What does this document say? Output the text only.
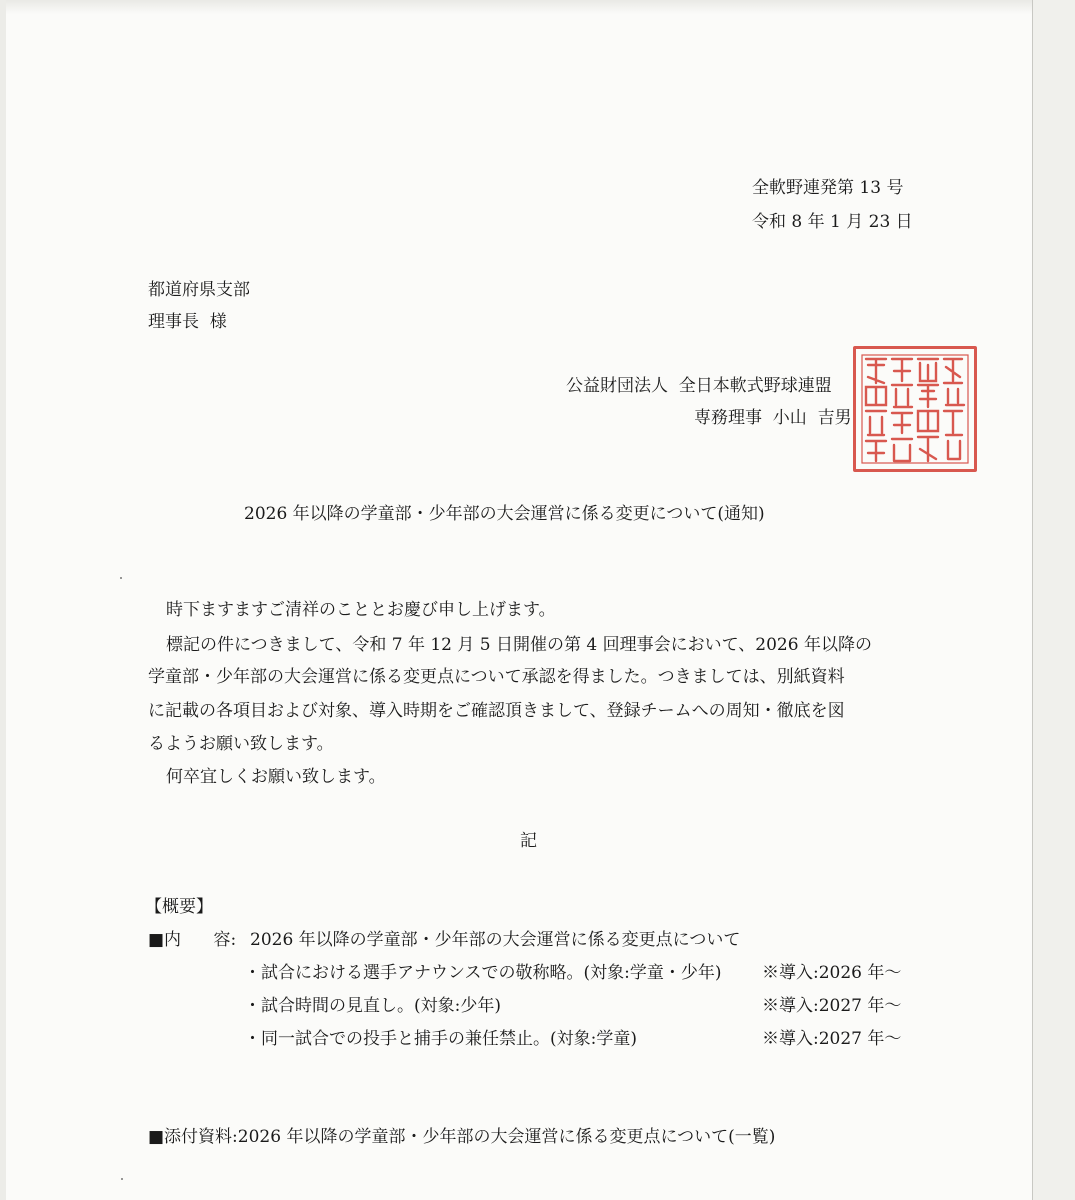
全軟野連発第 13 号
令和 8 年 1 月 23 日
都道府県支部
理事長  様
公益財団法人  全日本軟式野球連盟
専務理事  小山  吉男
2026 年以降の学童部・少年部の大会運営に係る変更について(通知)
時下ますますご清祥のこととお慶び申し上げます。
標記の件につきまして、令和 7 年 12 月 5 日開催の第 4 回理事会において、2026 年以降の
学童部・少年部の大会運営に係る変更点について承認を得ました。つきましては、別紙資料
に記載の各項目および対象、導入時期をご確認頂きまして、登録チームへの周知・徹底を図
るようお願い致します。
何卒宜しくお願い致します。
記
【概要】
■内      容: 2026 年以降の学童部・少年部の大会運営に係る変更点について
・試合における選手アナウンスでの敬称略。(対象:学童・少年) ※導入:2026 年～
・試合時間の見直し。(対象:少年)	※導入:2027 年～
・同一試合での投手と捕手の兼任禁止。(対象:学童)	※導入:2027 年～
■添付資料:2026 年以降の学童部・少年部の大会運営に係る変更点について(一覧)
